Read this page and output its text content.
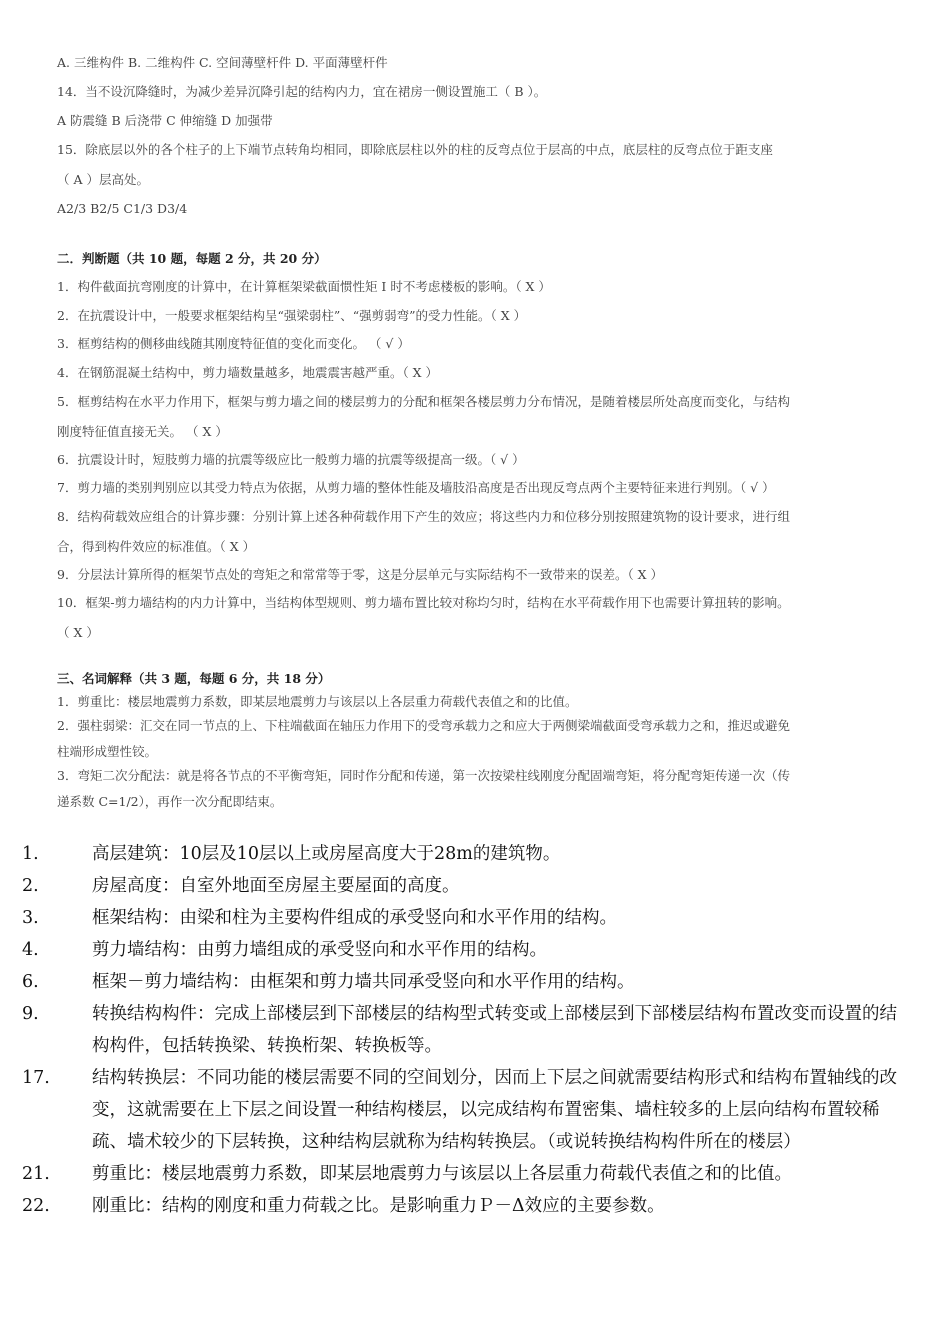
A. 三维构件 B. 二维构件 C. 空间薄壁杆件 D. 平面薄壁杆件
14．当不设沉降缝时，为减少差异沉降引起的结构内力，宜在裙房一侧设置施工（ B ）。
A 防震缝 B 后浇带 C 伸缩缝 D 加强带
15．除底层以外的各个柱子的上下端节点转角均相同，即除底层柱以外的柱的反弯点位于层高的中点，底层柱的反弯点位于距支座
（ A ）层高处。
A2/3 B2/5 C1/3 D3/4
二．判断题（共 10 题，每题 2 分，共 20 分）
1．构件截面抗弯刚度的计算中，在计算框架梁截面惯性矩 I 时不考虑楼板的影响。（ X ）
2．在抗震设计中，一般要求框架结构呈“强梁弱柱”、“强剪弱弯”的受力性能。（ X ）
3．框剪结构的侧移曲线随其刚度特征值的变化而变化。 （ √ ）
4．在钢筋混凝土结构中，剪力墙数量越多，地震震害越严重。（ X ）
5．框剪结构在水平力作用下，框架与剪力墙之间的楼层剪力的分配和框架各楼层剪力分布情况，是随着楼层所处高度而变化，与结构
刚度特征值直接无关。 （ X ）
6．抗震设计时，短肢剪力墙的抗震等级应比一般剪力墙的抗震等级提高一级。（ √ ）
7．剪力墙的类别判别应以其受力特点为依据，从剪力墙的整体性能及墙肢沿高度是否出现反弯点两个主要特征来进行判别。（ √ ）
8．结构荷载效应组合的计算步骤：分别计算上述各种荷载作用下产生的效应；将这些内力和位移分别按照建筑物的设计要求，进行组
合，得到构件效应的标准值。（ X ）
9．分层法计算所得的框架节点处的弯矩之和常常等于零，这是分层单元与实际结构不一致带来的误差。（ X ）
10．框架-剪力墙结构的内力计算中，当结构体型规则、剪力墙布置比较对称均匀时，结构在水平荷载作用下也需要计算扭转的影响。
（ X ）
三、名词解释（共 3 题，每题 6 分，共 18 分）
1．剪重比：楼层地震剪力系数，即某层地震剪力与该层以上各层重力荷载代表值之和的比值。
2．强柱弱梁：汇交在同一节点的上、下柱端截面在轴压力作用下的受弯承载力之和应大于两侧梁端截面受弯承载力之和，推迟或避免
柱端形成塑性铰。
3．弯矩二次分配法：就是将各节点的不平衡弯矩，同时作分配和传递，第一次按梁柱线刚度分配固端弯矩，将分配弯矩传递一次（传
递系数 C=1/2），再作一次分配即结束。
1.	高层建筑：10层及10层以上或房屋高度大于28m的建筑物。
2.	房屋高度：自室外地面至房屋主要屋面的高度。
3.	框架结构：由梁和柱为主要构件组成的承受竖向和水平作用的结构。
4.	剪力墙结构：由剪力墙组成的承受竖向和水平作用的结构。
6.	框架－剪力墙结构：由框架和剪力墙共同承受竖向和水平作用的结构。
9.	转换结构构件：完成上部楼层到下部楼层的结构型式转变或上部楼层到下部楼层结构布置改变而设置的结构构件，包括转换梁、转换桁架、转换板等。
17. 结构转换层：不同功能的楼层需要不同的空间划分，因而上下层之间就需要结构形式和结构布置轴线的改变，这就需要在上下层之间设置一种结构楼层，以完成结构布置密集、墙柱较多的上层向结构布置较稀疏、墙术较少的下层转换，这种结构层就称为结构转换层。（或说转换结构构件所在的楼层）
21. 剪重比：楼层地震剪力系数，即某层地震剪力与该层以上各层重力荷载代表值之和的比值。
22. 刚重比：结构的刚度和重力荷载之比。是影响重力Ｐ－Δ效应的主要参数。
